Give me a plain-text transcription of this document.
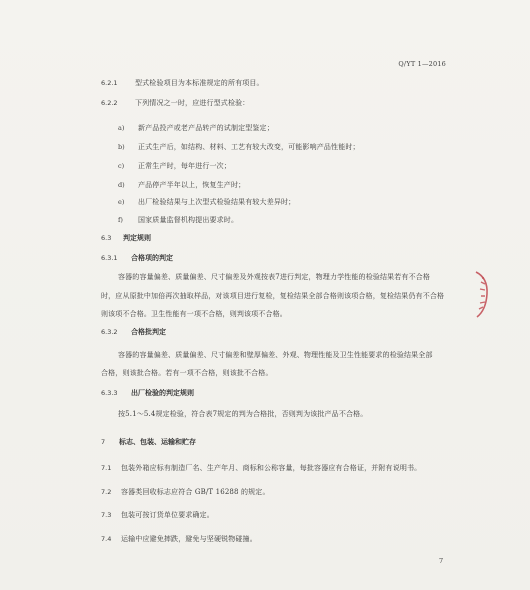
Q/YT 1—2016
6.2.1 型式检验项目为本标准规定的所有项目。
6.2.2 下列情况之一时，应进行型式检验：
a) 新产品投产或老产品转产的试制定型鉴定；
b) 正式生产后，如结构、材料、工艺有较大改变，可能影响产品性能时；
c) 正常生产时，每年进行一次；
d) 产品停产半年以上，恢复生产时；
e) 出厂检验结果与上次型式检验结果有较大差异时；
f) 国家质量监督机构提出要求时。
6.3 判定规则
6.3.1 合格项的判定
容器的容量偏差、质量偏差、尺寸偏差及外观按表7进行判定，物理力学性能的检验结果若有不合格
时，应从原批中加倍再次抽取样品，对该项目进行复检，复检结果全部合格则该项合格，复检结果仍有不合格
则该项不合格。卫生性能有一项不合格，则判该项不合格。
6.3.2 合格批判定
容器的容量偏差、质量偏差、尺寸偏差和壁厚偏差、外观、物理性能及卫生性能要求的检验结果全部
合格，则该批合格。若有一项不合格，则该批不合格。
6.3.3 出厂检验的判定规则
按5.1～5.4规定检验，符合表7规定的判为合格批，否则判为该批产品不合格。
7 标志、包装、运输和贮存
7.1 包装外箱应标有制造厂名、生产年月、商标和公称容量，每批容器应有合格证，并附有说明书。
7.2 容器类回收标志应符合 GB/T 16288 的规定。
7.3 包装可按订货单位要求确定。
7.4 运输中应避免摔跌，避免与坚硬锐物碰撞。
7
